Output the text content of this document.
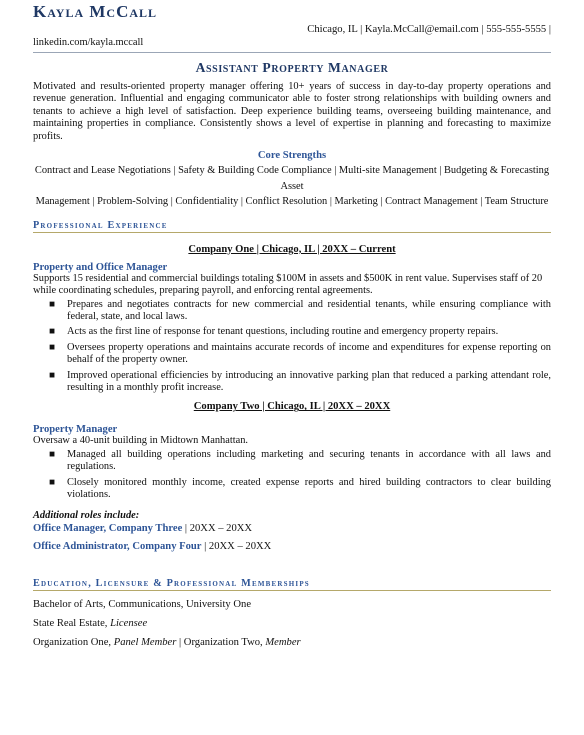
Kayla McCall
linkedin.com/kayla.mccall
Chicago, IL | Kayla.McCall@email.com | 555-555-5555 |
Assistant Property Manager
Motivated and results-oriented property manager offering 10+ years of success in day-to-day property operations and revenue generation. Influential and engaging communicator able to foster strong relationships with building owners and tenants to achieve a high level of satisfaction. Deep experience building teams, overseeing building maintenance, and maintaining properties in compliance. Consistently shows a level of expertise in planning and forecasting to maximize profits.
Core Strengths
Contract and Lease Negotiations | Safety & Building Code Compliance | Multi-site Management | Budgeting & Forecasting Asset
Management | Problem-Solving | Confidentiality | Conflict Resolution | Marketing | Contract Management | Team Structure
Professional Experience
Company One | Chicago, IL | 20XX – Current
Property and Office Manager
Supports 15 residential and commercial buildings totaling $100M in assets and $500K in rent value. Supervises staff of 20 while coordinating schedules, preparing payroll, and enforcing rental agreements.
■ Prepares and negotiates contracts for new commercial and residential tenants, while ensuring compliance with federal, state, and local laws.
■ Acts as the first line of response for tenant questions, including routine and emergency property repairs.
■ Oversees property operations and maintains accurate records of income and expenditures for expense reporting on behalf of the property owner.
■ Improved operational efficiencies by introducing an innovative parking plan that reduced a parking attendant role, resulting in a monthly profit increase.
Company Two | Chicago, IL | 20XX – 20XX
Property Manager
Oversaw a 40-unit building in Midtown Manhattan.
■ Managed all building operations including marketing and securing tenants in accordance with all laws and regulations.
■ Closely monitored monthly income, created expense reports and hired building contractors to clear building violations.
Additional roles include:
Office Manager, Company Three | 20XX – 20XX
Office Administrator, Company Four | 20XX – 20XX
Education, Licensure & Professional Memberships
Bachelor of Arts, Communications, University One
State Real Estate, Licensee
Organization One, Panel Member | Organization Two, Member
